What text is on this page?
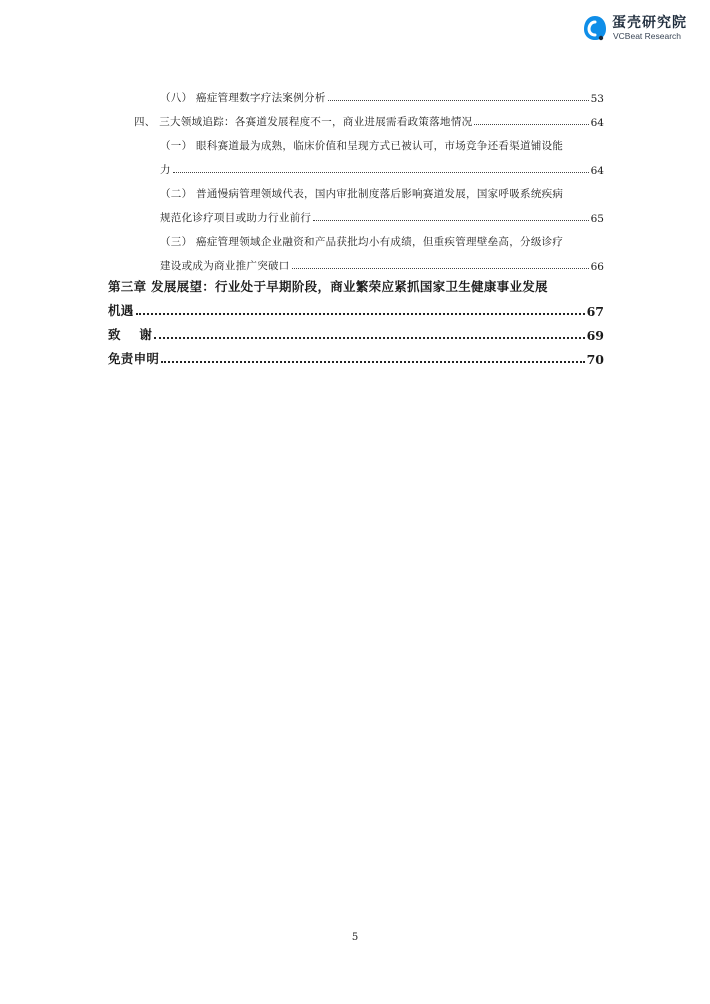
蛋壳研究院
VCBeat Research
（八） 癌症管理数字疗法案例分析	53
四、 三大领域追踪：各赛道发展程度不一，商业进展需看政策落地情况	64
（一） 眼科赛道最为成熟，临床价值和呈现方式已被认可，市场竞争还看渠道铺设能
力	64
（二） 普通慢病管理领域代表，国内审批制度落后影响赛道发展，国家呼吸系统疾病
规范化诊疗项目或助力行业前行	65
（三） 癌症管理领域企业融资和产品获批均小有成绩，但重疾管理壁垒高，分级诊疗
建设或成为商业推广突破口	66
第三章 发展展望：行业处于早期阶段，商业繁荣应紧抓国家卫生健康事业发展
机遇	67
致    谢	69
免责申明	70
5
